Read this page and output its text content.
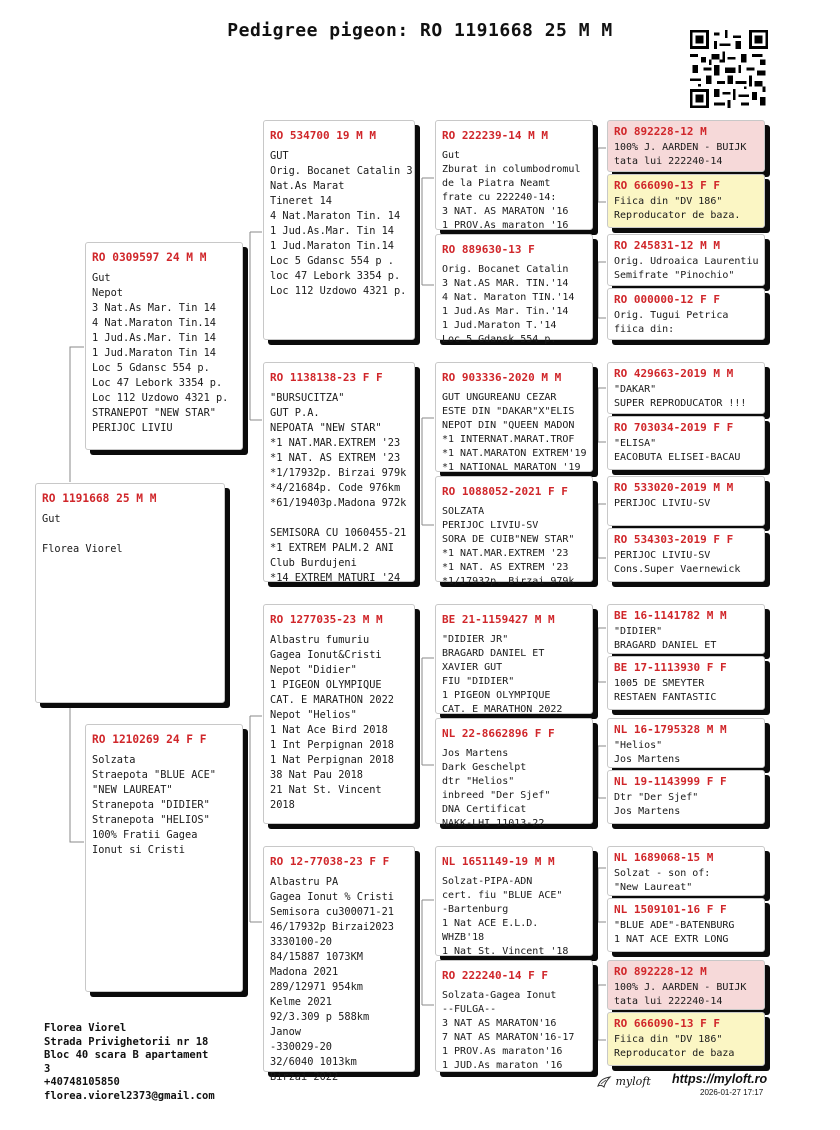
Pedigree pigeon: RO 1191668 25 M M
RO 1191668 25 M M
Gut

Florea Viorel
RO 0309597 24 M M
Gut
Nepot
3 Nat.As Mar. Tin 14
4 Nat.Maraton Tin.14
1 Jud.As.Mar. Tin 14
1 Jud.Maraton Tin 14
Loc 5 Gdansc 554 p.
Loc 47 Lebork 3354 p.
Loc 112 Uzdowo 4321 p.
STRANEPOT "NEW STAR"
PERIJOC LIVIU
RO 1210269 24 F F
Solzata
Straepota "BLUE ACE"
"NEW LAUREAT"
Stranepota "DIDIER"
Stranepota "HELIOS"
100% Fratii Gagea
Ionut si Cristi
RO 534700 19 M M
GUT
Orig. Bocanet Catalin 3
Nat.As Marat
Tineret 14
4 Nat.Maraton Tin. 14
1 Jud.As.Mar. Tin 14
1 Jud.Maraton Tin.14
Loc 5 Gdansc 554 p .
loc 47 Lebork 3354 p.
Loc 112 Uzdowo 4321 p.
RO 1138138-23 F F
"BURSUCITZA"
GUT P.A.
NEPOATA "NEW STAR"
*1 NAT.MAR.EXTREM '23
*1 NAT. AS EXTREM '23
*1/17932p. Birzai 979k
*4/21684p. Code 976km
*61/19403p.Madona 972k

SEMISORA CU 1060455-21
*1 EXTREM PALM.2 ANI
Club Burdujeni
*14 EXTREM MATURI '24
RO 1277035-23 M M
Albastru fumuriu
Gagea Ionut&Cristi
Nepot "Didier"
1 PIGEON OLYMPIQUE
CAT. E MARATHON 2022
Nepot "Helios"
1 Nat Ace Bird 2018
1 Int Perpignan 2018
1 Nat Perpignan 2018
38 Nat Pau 2018
21 Nat St. Vincent
2018
RO 12-77038-23 F F
Albastru PA
Gagea Ionut % Cristi
Semisora cu300071-21
46/17932p Birzai2023
3330100-20
84/15887 1073KM
Madona 2021
289/12971 954km
Kelme 2021
92/3.309 p 588km
Janow
-330029-20
32/6040 1013km
Birzai 2022
RO 222239-14 M M
Gut
Zburat in columbodromul
de la Piatra Neamt
frate cu 222240-14:
3 NAT. AS MARATON '16
1 PROV.As maraton '16
RO 889630-13 F
Orig. Bocanet Catalin
3 Nat.AS MAR. TIN.'14
4 Nat. Maraton TIN.'14
1 Jud.As Mar. Tin.'14
1 Jud.Maraton T.'14
Loc 5 Gdansk 554 p.
RO 903336-2020 M M
GUT UNGUREANU CEZAR
ESTE DIN "DAKAR"X"ELIS
NEPOT DIN "QUEEN MADON
*1 INTERNAT.MARAT.TROF
*1 NAT.MARATON EXTREM'19
*1 NATIONAL MARATON '19
RO 1088052-2021 F F
SOLZATA
PERIJOC LIVIU-SV
SORA DE CUIB"NEW STAR"
*1 NAT.MAR.EXTREM '23
*1 NAT. AS EXTREM '23
*1/17932p. Birzai 979k
BE 21-1159427 M M
"DIDIER JR"
BRAGARD DANIEL ET
XAVIER GUT
FIU "DIDIER"
1 PIGEON OLYMPIQUE
CAT. E MARATHON 2022
NL 22-8662896 F F
Jos Martens
Dark Geschelpt
dtr "Helios"
inbreed "Der Sjef"
DNA Certificat
NAKK-LHI 11013-22
NL 1651149-19 M M
Solzat-PIPA-ADN
cert. fiu "BLUE ACE"
-Bartenburg
1 Nat ACE E.L.D.
WHZB'18
1 Nat St. Vincent '18
RO 222240-14 F F
Solzata-Gagea Ionut
--FULGA--
3 NAT AS MARATON'16
7 NAT AS MARATON'16-17
1 PROV.As maraton'16
1 JUD.As maraton '16
RO 892228-12 M
100% J. AARDEN - BUIJK
tata lui 222240-14
RO 666090-13 F F
Fiica din "DV 186"
Reproducator de baza.
RO 245831-12 M M
Orig. Udroaica Laurentiu
Semifrate "Pinochio"
RO 000000-12 F F
Orig. Tugui Petrica
fiica din:
RO 429663-2019 M M
"DAKAR"
SUPER REPRODUCATOR !!!
RO 703034-2019 F F
"ELISA"
EACOBUTA ELISEI-BACAU
RO 533020-2019 M M
PERIJOC LIVIU-SV
RO 534303-2019 F F
PERIJOC LIVIU-SV
Cons.Super Vaernewick
BE 16-1141782 M M
"DIDIER"
BRAGARD DANIEL ET
BE 17-1113930 F F
1005 DE SMEYTER
RESTAEN FANTASTIC
NL 16-1795328 M M
"Helios"
Jos Martens
NL 19-1143999 F F
Dtr "Der Sjef"
Jos Martens
NL 1689068-15 M
Solzat - son of:
"New Laureat"
NL 1509101-16 F F
"BLUE ADE"-BATENBURG
1 NAT ACE EXTR LONG
RO 892228-12 M
100% J. AARDEN - BUIJK
tata lui 222240-14
RO 666090-13 F F
Fiica din "DV 186"
Reproducator de baza
Florea Viorel
Strada Privighetorii nr 18
Bloc 40 scara B apartament
3
+40748105850
florea.viorel2373@gmail.com
myloft	https://myloft.ro
2026-01-27 17:17
